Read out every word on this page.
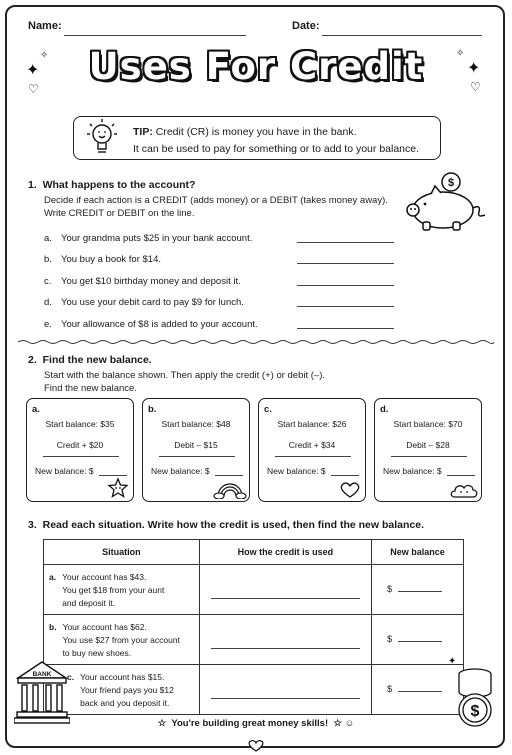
Name:	Date:
Uses For Credit
✦
✧
♡
✦
✧
♡
TIP: Credit (CR) is money you have in the bank.
It can be used to pay for something or to add to your balance.
1. What happens to the account?
Decide if each action is a CREDIT (adds money) or a DEBIT (takes money away).
Write CREDIT or DEBIT on the line.
$
a. Your grandma puts $25 in your bank account.
b. You buy a book for $14.
c. You get $10 birthday money and deposit it.
d. You use your debit card to pay $9 for lunch.
e. Your allowance of $8 is added to your account.
2. Find the new balance.
Start with the balance shown. Then apply the credit (+) or debit (–).
Find the new balance.
a.
Start balance: $35
Credit + $20
New balance: $
b.
Start balance: $48
Debit – $15
New balance: $
c.
Start balance: $26
Credit + $34
New balance: $
d.
Start balance: $70
Debit – $28
New balance: $
3. Read each situation. Write how the credit is used, then find the new balance.
Situation	How the credit is used	New balance

a. Your account has $43.
You get $18 from your aunt
and deposit it.		$

b. Your account has $62.
You use $27 from your account
to buy new shoes.		$

c. Your account has $15.
Your friend pays you $12
back and you deposit it.		$
BANK
$
✦
☆ You're building great money skills! ☆ ☺
